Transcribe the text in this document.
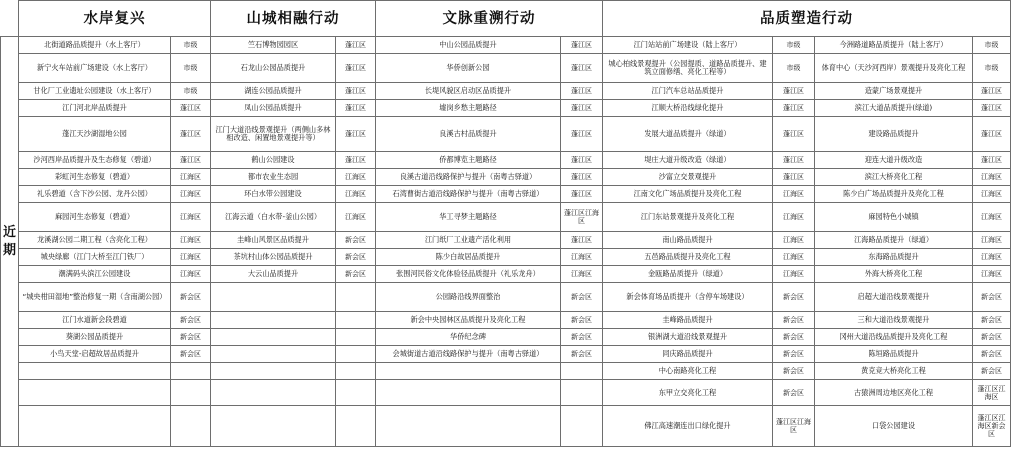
	水岸复兴		山城相融行动		文脉重溯行动		品质塑造行动			
近
期	北街道路品质提升（水上客厅）	市级	竺石博物园园区	蓬江区	中山公园品质提升	蓬江区	江门站站前广场建设（陆上客厅）	市级	今洲路道路品质提升（陆上客厅）	市级
	新宁火车站前广场建设（水上客厅）	市级	石龙山公园品质提升	蓬江区	华侨创新公园	蓬江区	城心柏线景观提升（公园提质、道路品质提升、建筑立面修缮、亮化工程等）	市级	体育中心（天沙河西岸）景观提升及亮化工程	市级
	甘化厂工业遗址公园建设（水上客厅）	市级	湖连公园品质提升	蓬江区	长堤风貌区启动区品质提升	蓬江区	江门汽车总站品质提升	蓬江区	造蒙广场景观提升	蓬江区
	江门河北岸品质提升	蓬江区	凤山公园品质提升	蓬江区	墟岗乡愁主题路径	蓬江区	江顺大桥沿线绿化提升	蓬江区	滨江大道品质提升(绿道)	蓬江区
	蓬江天沙湖湿地公园	蓬江区	江门大道沿线景观提升（两侧山多林相改造、闲置地景观提升等）	蓬江区	良溪古村品质提升	蓬江区	发展大道品质提升（绿道）	蓬江区	建设路品质提升	蓬江区
	沙河西岸品质提升及生态修复（碧道）	蓬江区	鹤山公园建设	蓬江区	侨都博览主题路径	蓬江区	堤庄大道升级改造（绿道）	蓬江区	迎连大道升级改造	蓬江区
	彩虹河生态修复（碧道）	江海区	都市农业生态园	江海区	良溪古道沿线路保护与提升（南粤古驿道）	蓬江区	沙富立交景观提升	蓬江区	滨江大桥亮化工程	江海区
	礼乐碧道（含下沙公园、龙丹公园）	江海区	环白水带公园建设	江海区	石湾曹街古道沿线路保护与提升（南粤古驿道）	蓬江区	江南文化广场品质提升及亮化工程	江海区	陈少白广场品质提升及亮化工程	江海区
	麻园河生态修复（碧道）	江海区	江海云道（白水带-釜山公园）	江海区	华工寻梦主题路径	蓬江区江海区	江门东站景观提升及亮化工程	江海区	麻园特色小城镇	江海区
	龙溪湖公园二期工程（含亮化工程）	江海区	圭峰山风景区品质提升	新会区	江门纸厂工业遗产活化利用	蓬江区	南山路品质提升	江海区	江海路品质提升（绿道）	江海区
	城央绿廊（江门大桥至江门铁厂）	江海区	茶坑村山体公园品质提升	新会区	陈少白故居品质提升	江海区	五邑路品质提升及亮化工程	江海区	东海路品质提升	江海区
	潮满码头滨江公园建设	江海区	大云山品质提升	新会区	张围河民俗文化体验径品质提升（礼乐龙舟）	江海区	金瓯路品质提升（绿道）	江海区	外海大桥亮化工程	江海区
	“城央柑田湿地”整治修复一期（含南湖公园）	新会区			公园路沿线界面整治	新会区	新会体育场品质提升（含停车场建设）	新会区	启超大道沿线景观提升	新会区
	江门水道新会段碧道	新会区			新会中央园林区品质提升及亮化工程	新会区	圭峰路品质提升	新会区	三和大道沿线景观提升	新会区
	葵湖公园品质提升	新会区			华侨纪念碑	新会区	银洲湖大道沿线景观提升	新会区	冈州大道沿线品质提升及亮化工程	新会区
	小鸟天堂-启超故居品质提升	新会区			会城街道古道沿线路保护与提升（南粤古驿道）	新会区	同庆路品质提升	新会区	陈垣路品质提升	新会区
							中心南路亮化工程	新会区	黄克竞大桥亮化工程	新会区
							东甲立交亮化工程	新会区	古猿洲周边地区亮化工程	蓬江区江海区
							佛江高速潮连出口绿化提升	蓬江区江海区	口袋公园建设	蓬江区江海区新会区
